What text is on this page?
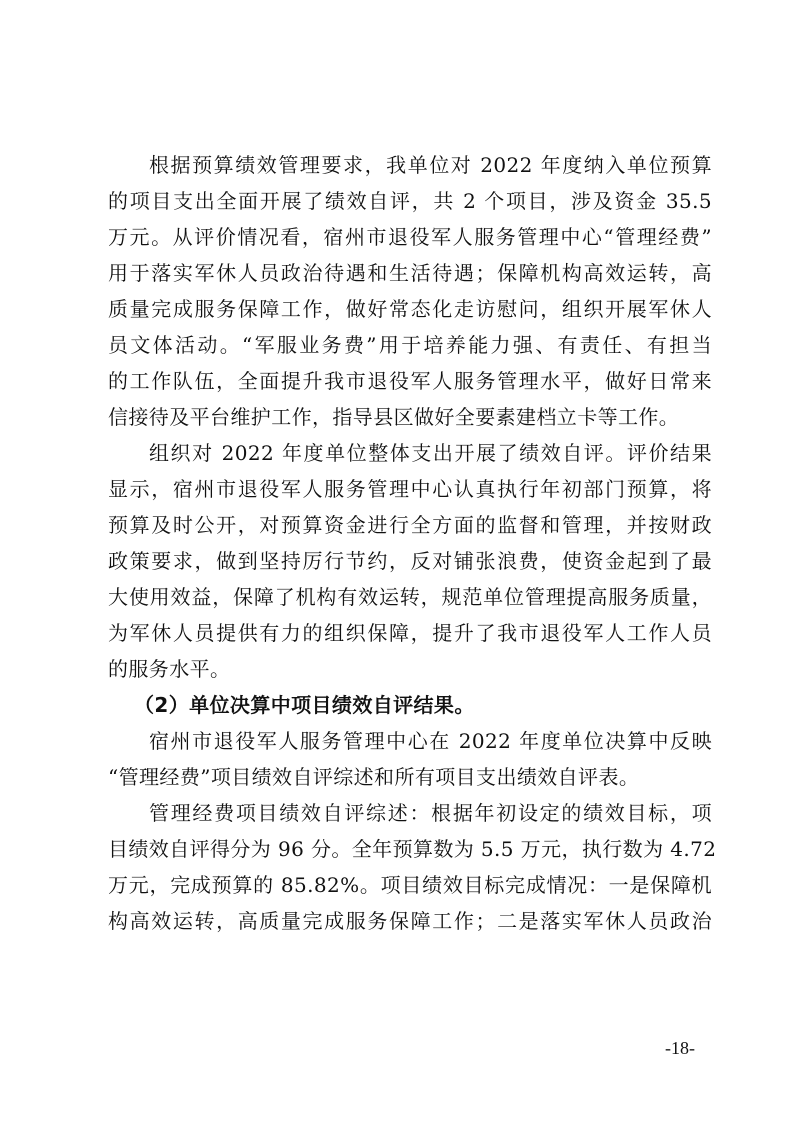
根据预算绩效管理要求，我单位对 2022 年度纳入单位预算
的项目支出全面开展了绩效自评，共 2 个项目，涉及资金 35.5
万元。从评价情况看，宿州市退役军人服务管理中心“管理经费”
用于落实军休人员政治待遇和生活待遇；保障机构高效运转，高
质量完成服务保障工作，做好常态化走访慰问，组织开展军休人
员文体活动。“军服业务费”用于培养能力强、有责任、有担当
的工作队伍，全面提升我市退役军人服务管理水平，做好日常来
信接待及平台维护工作，指导县区做好全要素建档立卡等工作。
组织对 2022 年度单位整体支出开展了绩效自评。评价结果
显示，宿州市退役军人服务管理中心认真执行年初部门预算，将
预算及时公开，对预算资金进行全方面的监督和管理，并按财政
政策要求，做到坚持厉行节约，反对铺张浪费，使资金起到了最
大使用效益，保障了机构有效运转，规范单位管理提高服务质量，
为军休人员提供有力的组织保障，提升了我市退役军人工作人员
的服务水平。
（2）单位决算中项目绩效自评结果。
宿州市退役军人服务管理中心在 2022 年度单位决算中反映
“管理经费”项目绩效自评综述和所有项目支出绩效自评表。
管理经费项目绩效自评综述：根据年初设定的绩效目标，项
目绩效自评得分为 96 分。全年预算数为 5.5 万元，执行数为 4.72
万元，完成预算的 85.82%。项目绩效目标完成情况：一是保障机
构高效运转，高质量完成服务保障工作；二是落实军休人员政治
-18-
